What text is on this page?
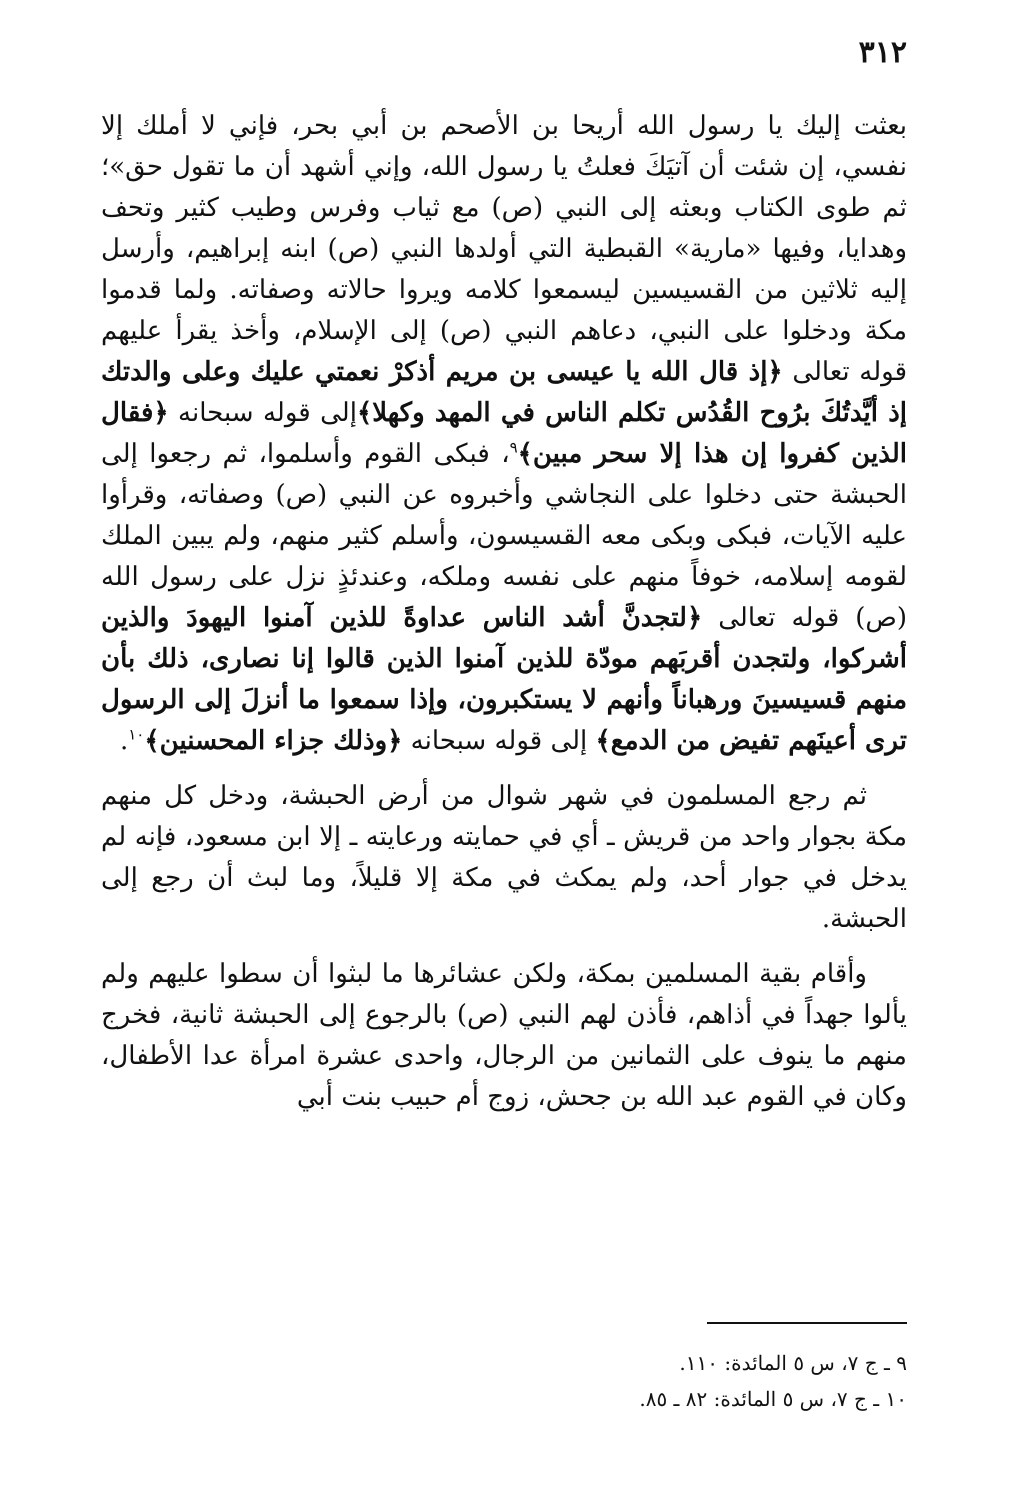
٣١٢

بعثت إليك يا رسول الله أريحا بن الأصحم بن أبي بحر، فإني لا أملك إلا نفسي، إن شئت أن آتيَكَ فعلتُ يا رسول الله، وإني أشهد أن ما تقول حق»؛ ثم طوى الكتاب وبعثه إلى النبي (ص) مع ثياب وفرس وطيب كثير وتحف وهدايا، وفيها «مارية» القبطية التي أولدها النبي (ص) ابنه إبراهيم، وأرسل إليه ثلاثين من القسيسين ليسمعوا كلامه ويروا حالاته وصفاته. ولما قدموا مكة ودخلوا على النبي، دعاهم النبي (ص) إلى الإسلام، وأخذ يقرأ عليهم قوله تعالى ﴿إذ قال الله يا عيسى بن مريم أذكرْ نعمتي عليك وعلى والدتك إذ أيَّدتُكَ برُوح القُدُس تكلم الناس في المهد وكهلا﴾إلى قوله سبحانه ﴿فقال الذين كفروا إن هذا إلا سحر مبين﴾$^٩$، فبكى القوم وأسلموا، ثم رجعوا إلى الحبشة حتى دخلوا على النجاشي وأخبروه عن النبي (ص) وصفاته، وقرأوا عليه الآيات، فبكى وبكى معه القسيسون، وأسلم كثير منهم، ولم يبين الملك لقومه إسلامه، خوفاً منهم على نفسه وملكه، وعندئذٍ نزل على رسول الله (ص) قوله تعالى ﴿لتجدنَّ أشد الناس عداوةً للذين آمنوا اليهودَ والذين أشركوا، ولتجدن أقربَهم مودّة للذين آمنوا الذين قالوا إنا نصارى، ذلك بأن منهم قسيسينَ ورهباناً وأنهم لا يستكبرون، وإذا سمعوا ما أنزلَ إلى الرسول ترى أعينَهم تفيض من الدمع﴾ إلى قوله سبحانه ﴿وذلك جزاء المحسنين﴾$^{١٠}$.

ثم رجع المسلمون في شهر شوال من أرض الحبشة، ودخل كل منهم مكة بجوار واحد من قريش ـ أي في حمايته ورعايته ـ إلا ابن مسعود، فإنه لم يدخل في جوار أحد، ولم يمكث في مكة إلا قليلاً، وما لبث أن رجع إلى الحبشة.

وأقام بقية المسلمين بمكة، ولكن عشائرها ما لبثوا أن سطوا عليهم ولم يألوا جهداً في أذاهم، فأذن لهم النبي (ص) بالرجوع إلى الحبشة ثانية، فخرج منهم ما ينوف على الثمانين من الرجال، واحدى عشرة امرأة عدا الأطفال، وكان في القوم عبد الله بن جحش، زوج أم حبيب بنت أبي

٩ ـ ج ٧، س ٥ المائدة: ١١٠.

١٠ ـ ج ٧، س ٥ المائدة: ٨٢ ـ ٨٥.
